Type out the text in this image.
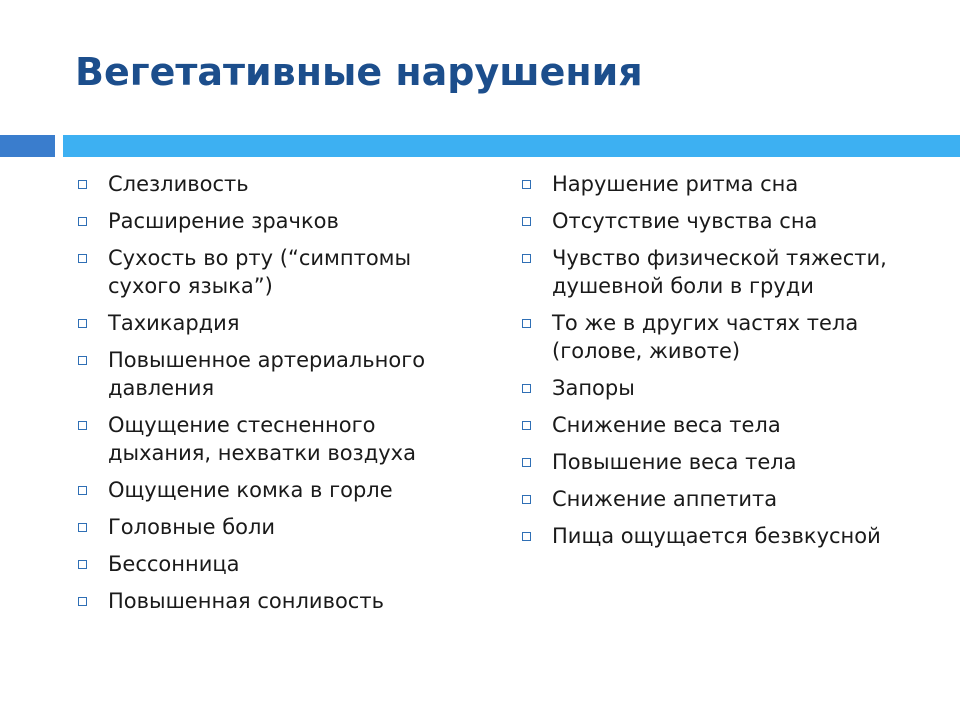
Вегетативные нарушения
Слезливость
Расширение зрачков
Сухость во рту (“симптомы сухого языка”)
Тахикардия
Повышенное артериального давления
Ощущение стесненного дыхания, нехватки воздуха
Ощущение комка в горле
Головные боли
Бессонница
Повышенная сонливость
Нарушение ритма сна
Отсутствие чувства сна
Чувство физической тяжести, душевной боли в груди
То же в других частях тела (голове, животе)
Запоры
Снижение веса тела
Повышение веса тела
Снижение аппетита
Пища ощущается безвкусной
